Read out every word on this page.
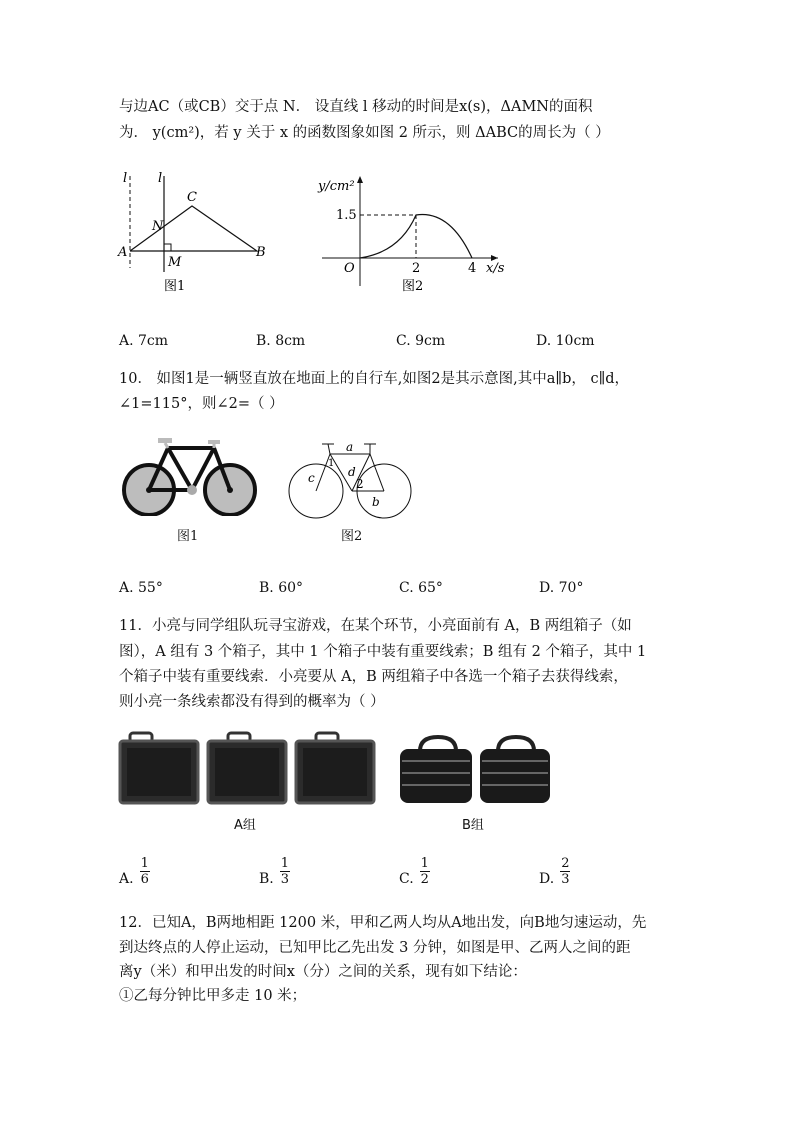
与边AC（或CB）交于点 N． 设直线 l 移动的时间是x(s)，ΔAMN的面积
为． y(cm²)，若 y 关于 x 的函数图象如图 2 所示，则 ΔABC的周长为（ ）
l l
C
N
A
M
B
图1
y/cm²
1.5
O	2	4 x/s
图2
A. 7cm	B. 8cm	C. 9cm	D. 10cm
10． 如图1是一辆竖直放在地面上的自行车,如图2是其示意图,其中a∥b， c∥d，
∠1=115°，则∠2=（ ）
a
c
1
d
2
b
图1	图2
A. 55°	B. 60°	C. 65°	D. 70°
11．小亮与同学组队玩寻宝游戏，在某个环节，小亮面前有 A，B 两组箱子（如
图），A 组有 3 个箱子，其中 1 个箱子中装有重要线索；B 组有 2 个箱子，其中 1
个箱子中装有重要线索．小亮要从 A，B 两组箱子中各选一个箱子去获得线索，
则小亮一条线索都没有得到的概率为（ ）
A组	B组
A. $\frac{1}{6}$	B. $\frac{1}{3}$	C. $\frac{1}{2}$	D. $\frac{2}{3}$
12．已知A，B两地相距 1200 米，甲和乙两人均从A地出发，向B地匀速运动，先
到达终点的人停止运动，已知甲比乙先出发 3 分钟，如图是甲、乙两人之间的距
离y（米）和甲出发的时间x（分）之间的关系，现有如下结论：
①乙每分钟比甲多走 10 米；
